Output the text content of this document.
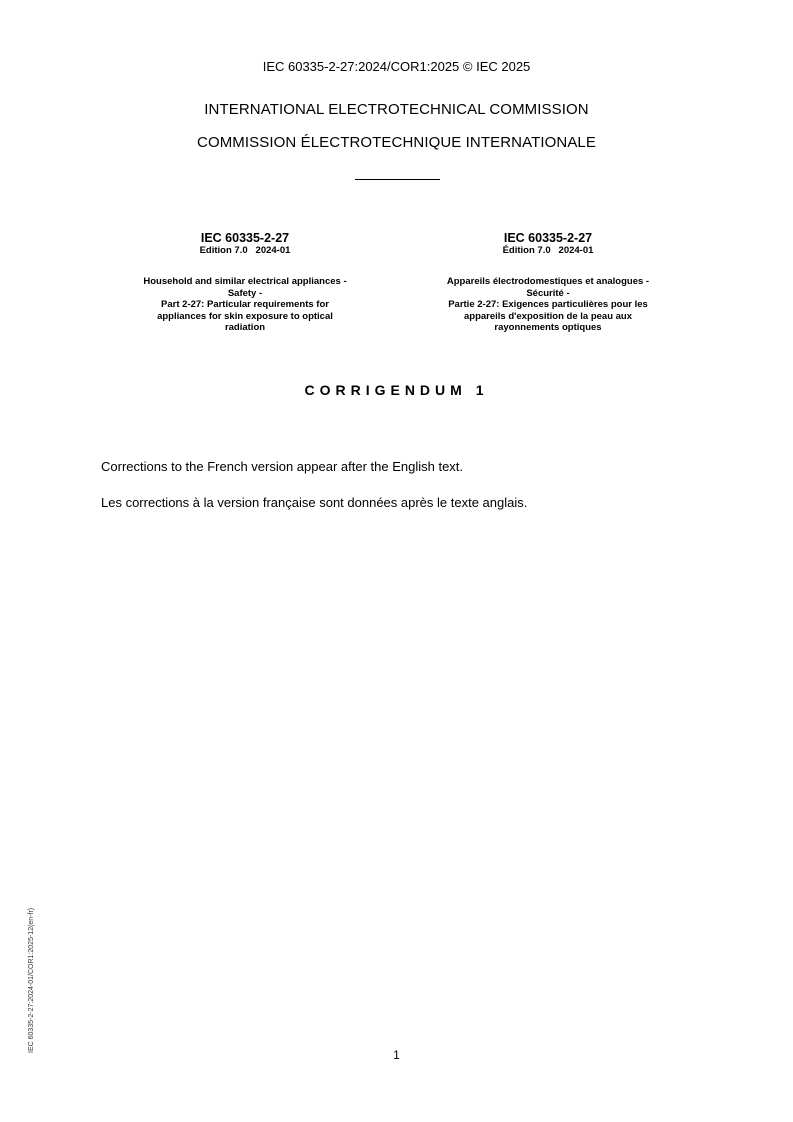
IEC 60335-2-27:2024/COR1:2025 © IEC 2025
INTERNATIONAL ELECTROTECHNICAL COMMISSION
COMMISSION ÉLECTROTECHNIQUE INTERNATIONALE
IEC 60335-2-27
Edition 7.0   2024-01
Household and similar electrical appliances -
Safety -
Part 2-27: Particular requirements for
appliances for skin exposure to optical
radiation
IEC 60335-2-27
Édition 7.0   2024-01
Appareils électrodomestiques et analogues -
Sécurité -
Partie 2-27: Exigences particulières pour les
appareils d'exposition de la peau aux
rayonnements optiques
CORRIGENDUM 1
Corrections to the French version appear after the English text.
Les corrections à la version française sont données après le texte anglais.
IEC 60335-2-27:2024-01/COR1:2025-12(en-fr)
1
